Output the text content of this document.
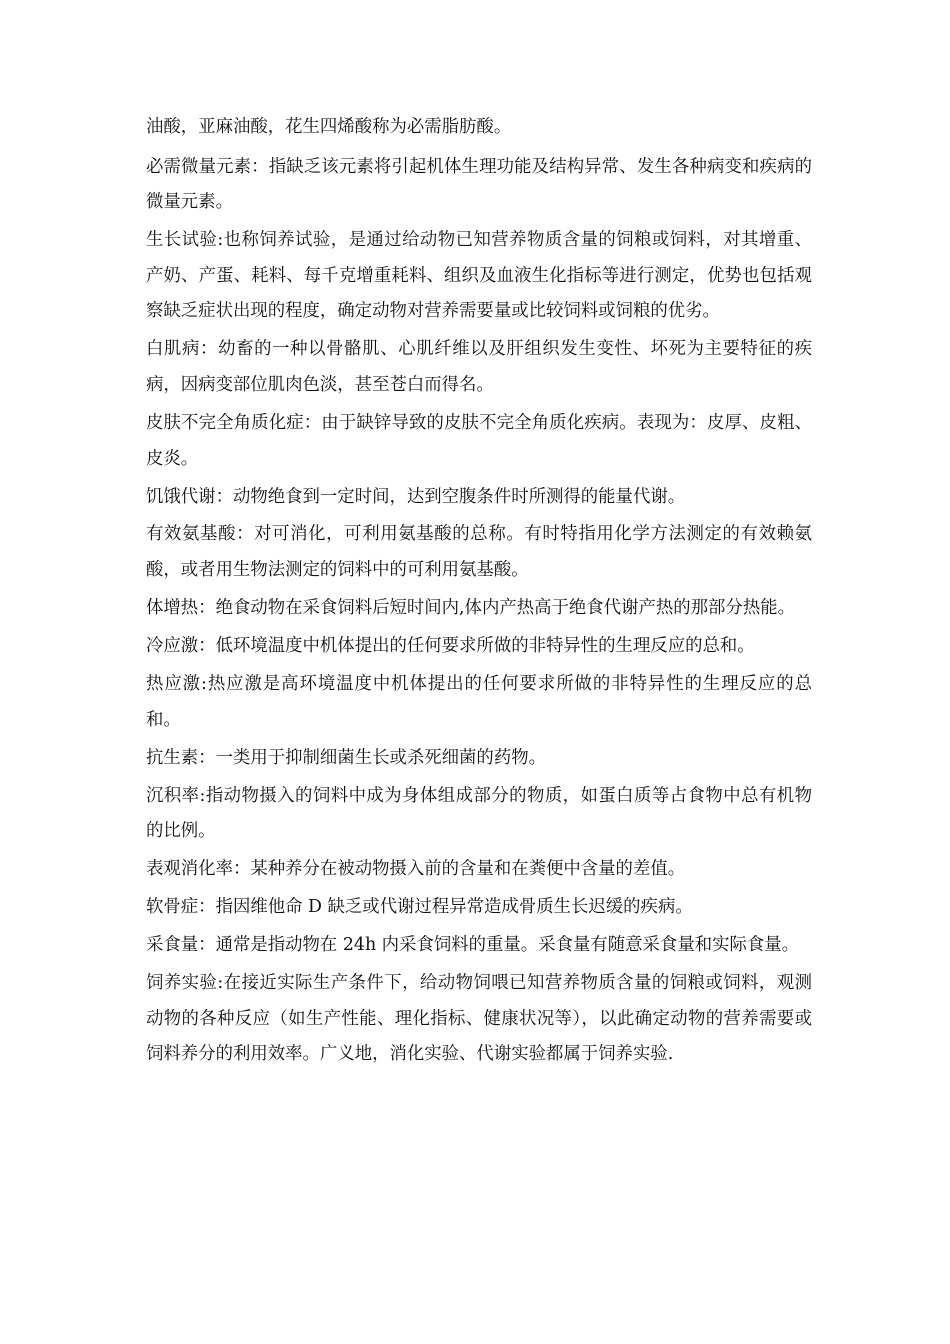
油酸，亚麻油酸，花生四烯酸称为必需脂肪酸。

必需微量元素：指缺乏该元素将引起机体生理功能及结构异常、发生各种病变和疾病的微量元素。

生长试验:也称饲养试验，是通过给动物已知营养物质含量的饲粮或饲料，对其增重、产奶、产蛋、耗料、每千克增重耗料、组织及血液生化指标等进行测定，优势也包括观察缺乏症状出现的程度，确定动物对营养需要量或比较饲料或饲粮的优劣。

白肌病：幼畜的一种以骨骼肌、心肌纤维以及肝组织发生变性、坏死为主要特征的疾病，因病变部位肌肉色淡，甚至苍白而得名。

皮肤不完全角质化症：由于缺锌导致的皮肤不完全角质化疾病。表现为：皮厚、皮粗、皮炎。

饥饿代谢：动物绝食到一定时间，达到空腹条件时所测得的能量代谢。

有效氨基酸：对可消化，可利用氨基酸的总称。有时特指用化学方法测定的有效赖氨酸，或者用生物法测定的饲料中的可利用氨基酸。

体增热：绝食动物在采食饲料后短时间内,体内产热高于绝食代谢产热的那部分热能。

冷应激：低环境温度中机体提出的任何要求所做的非特异性的生理反应的总和。

热应激:热应激是高环境温度中机体提出的任何要求所做的非特异性的生理反应的总和。

抗生素：一类用于抑制细菌生长或杀死细菌的药物。

沉积率:指动物摄入的饲料中成为身体组成部分的物质，如蛋白质等占食物中总有机物的比例。

表观消化率：某种养分在被动物摄入前的含量和在粪便中含量的差值。

软骨症：指因维他命 D 缺乏或代谢过程异常造成骨质生长迟缓的疾病。

采食量：通常是指动物在 24h 内采食饲料的重量。采食量有随意采食量和实际食量。

饲养实验:在接近实际生产条件下，给动物饲喂已知营养物质含量的饲粮或饲料，观测动物的各种反应（如生产性能、理化指标、健康状况等），以此确定动物的营养需要或饲料养分的利用效率。广义地，消化实验、代谢实验都属于饲养实验.
